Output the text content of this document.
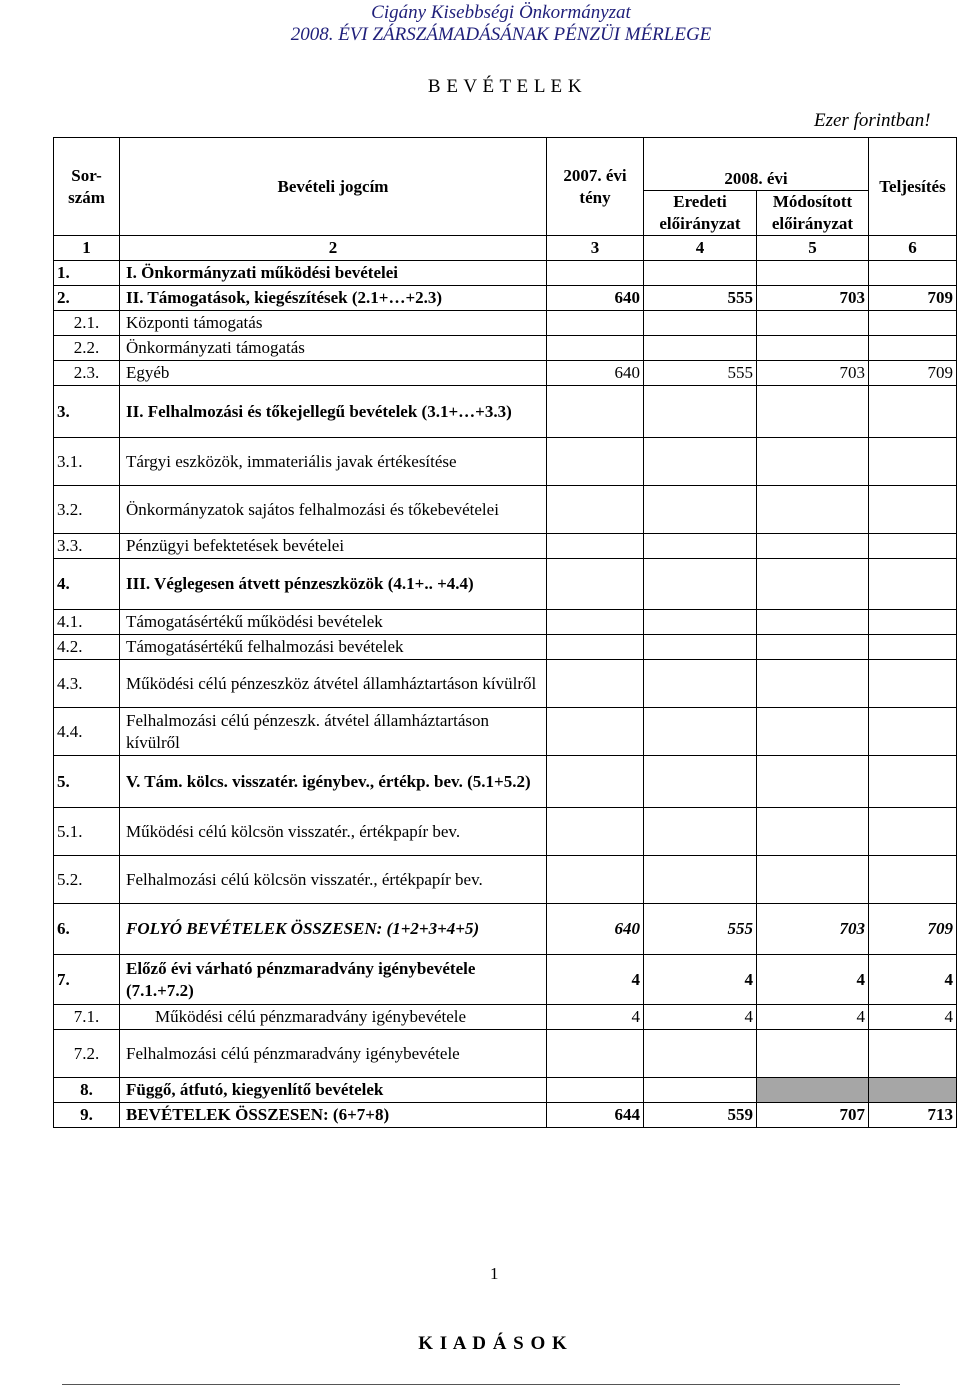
Cigány Kisebbségi Önkormányzat
2008. ÉVI ZÁRSZÁMADÁSÁNAK PÉNZÜI MÉRLEGE
B E V É T E L E K
Ezer forintban!
Sor-szám	Bevételi jogcím	2007. évi tény	2008. évi		Teljesítés
			Eredeti előirányzat	Módosított előirányzat	
1	2	3	4	5	6
1.	I. Önkormányzati működési bevételei				
2.	II. Támogatások, kiegészítések (2.1+…+2.3)	640	555	703	709
2.1.	Központi támogatás				
2.2.	Önkormányzati támogatás				
2.3.	Egyéb	640	555	703	709
3.	II. Felhalmozási és tőkejellegű bevételek (3.1+…+3.3)				
3.1.	Tárgyi eszközök, immateriális javak értékesítése				
3.2.	Önkormányzatok sajátos felhalmozási és tőkebevételei				
3.3.	Pénzügyi befektetések bevételei				
4.	III. Véglegesen átvett pénzeszközök (4.1+.. +4.4)				
4.1.	Támogatásértékű működési bevételek				
4.2.	Támogatásértékű felhalmozási bevételek				
4.3.	Működési célú pénzeszköz átvétel államháztartáson kívülről				
4.4.	Felhalmozási célú pénzeszk. átvétel államháztartáson kívülről				
5.	V. Tám. kölcs. visszatér. igénybev., értékp. bev. (5.1+5.2)				
5.1.	Működési célú kölcsön visszatér., értékpapír bev.				
5.2.	Felhalmozási célú kölcsön visszatér., értékpapír bev.				
6.	FOLYÓ BEVÉTELEK ÖSSZESEN: (1+2+3+4+5)	640	555	703	709
7.	Előző évi várható pénzmaradvány igénybevétele (7.1.+7.2)	4	4	4	4
7.1.	Működési célú pénzmaradvány igénybevétele	4	4	4	4
7.2.	Felhalmozási célú pénzmaradvány igénybevétele				
8.	Függő, átfutó, kiegyenlítő bevételek				
9.	BEVÉTELEK ÖSSZESEN: (6+7+8)	644	559	707	713
1
K I A D Á S O K
